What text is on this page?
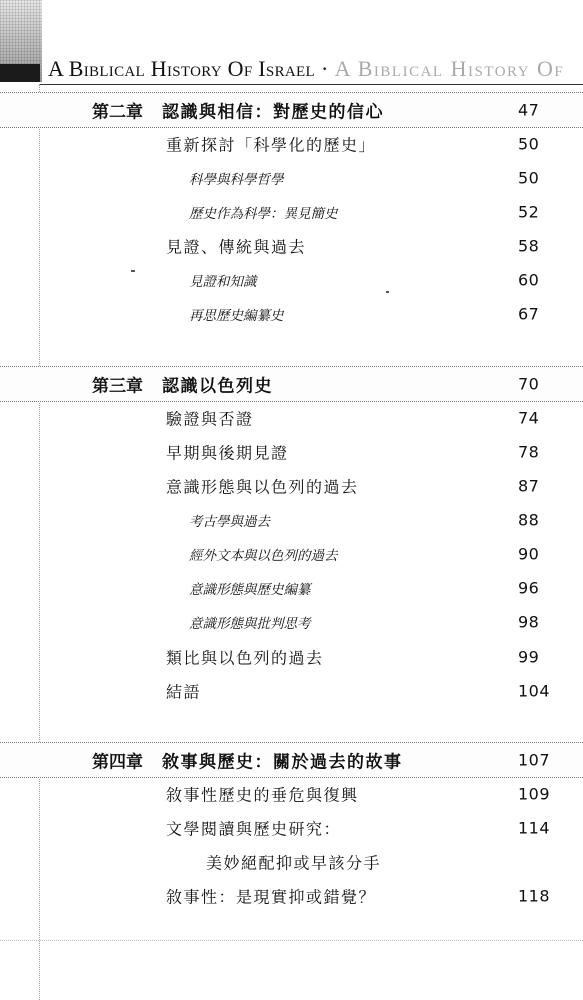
A Biblical History Of Israel · A Biblical History Of
第二章 認識與相信：對歷史的信心	47
重新探討「科學化的歷史」	50
科學與科學哲學	50
歷史作為科學：異見簡史	52
見證、傳統與過去	58
見證和知識	60
再思歷史編纂史	67
第三章 認識以色列史	70
驗證與否證	74
早期與後期見證	78
意識形態與以色列的過去	87
考古學與過去	88
經外文本與以色列的過去	90
意識形態與歷史編纂	96
意識形態與批判思考	98
類比與以色列的過去	99
結語	104
第四章 敘事與歷史：關於過去的故事	107
敘事性歷史的垂危與復興	109
文學閱讀與歷史研究：	114
美妙絕配抑或早該分手
敘事性：是現實抑或錯覺？	118
